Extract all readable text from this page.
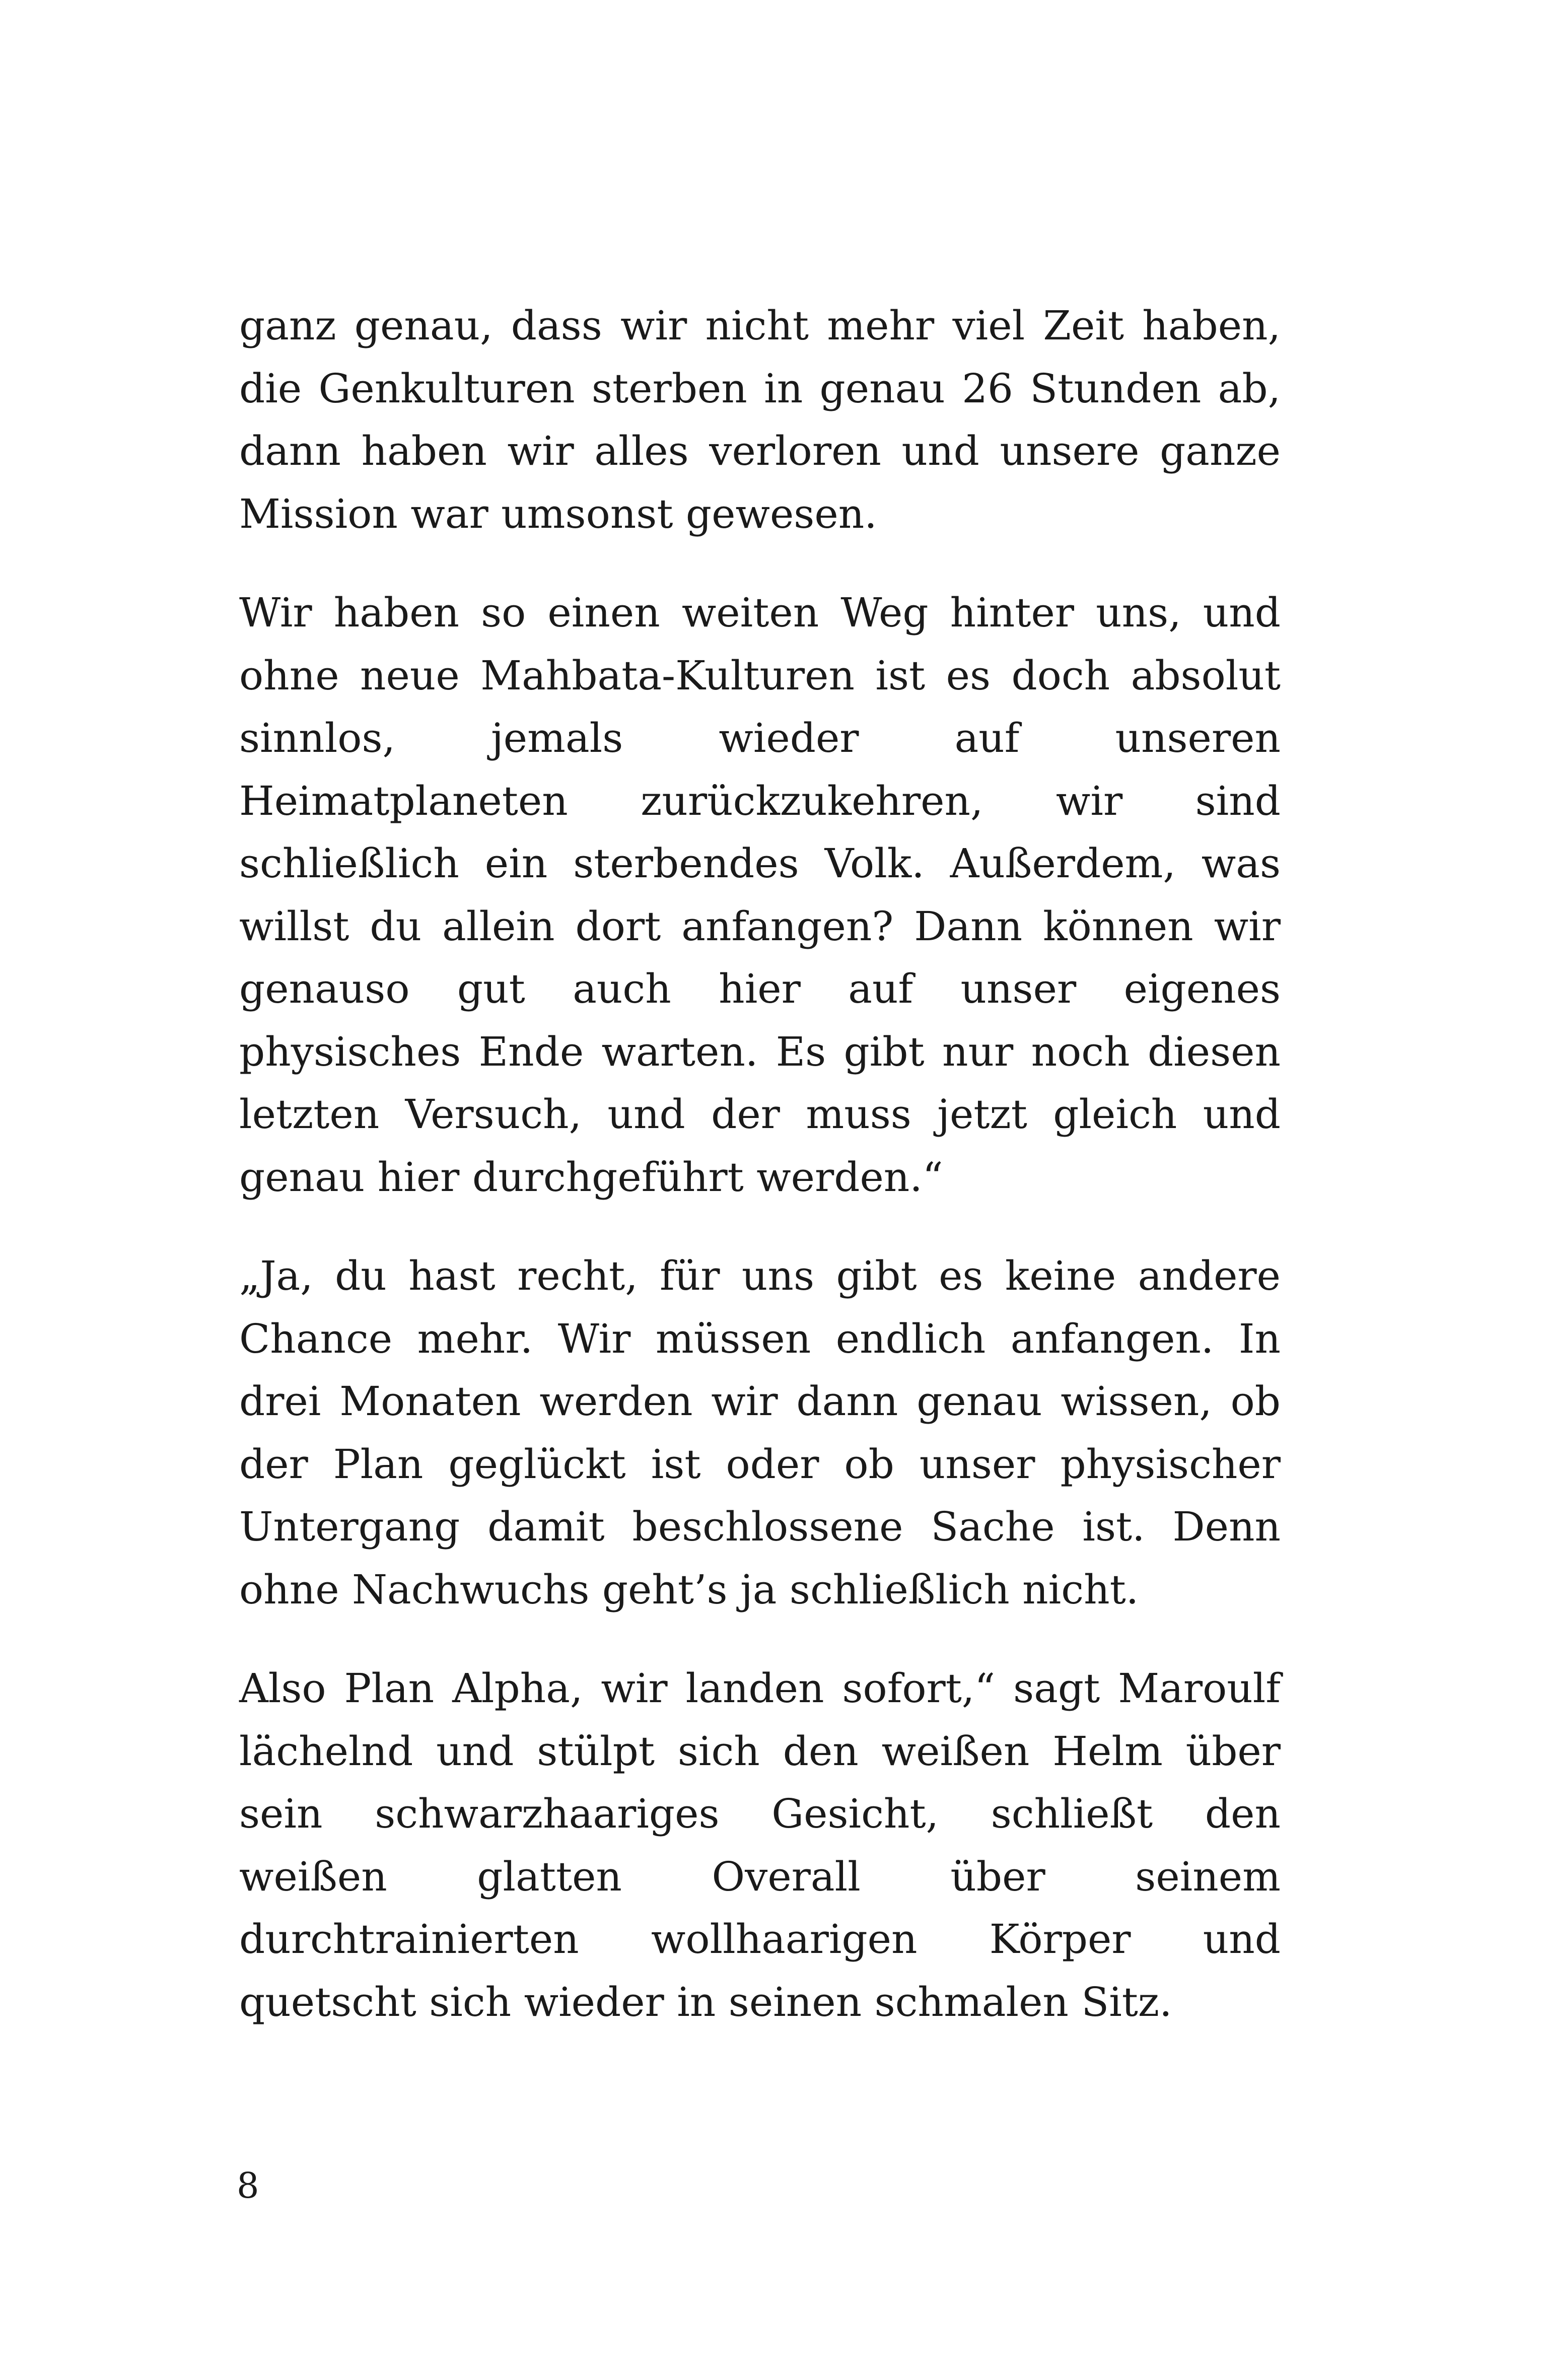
ganz genau, dass wir nicht mehr viel Zeit haben, die Genkulturen sterben in genau 26 Stunden ab, dann haben wir alles verloren und unsere ganze Mission war umsonst gewesen.

Wir haben so einen weiten Weg hinter uns, und ohne neue Mahbata-Kulturen ist es doch absolut sinnlos, jemals wieder auf unseren Heimatplaneten zurückzukehren, wir sind schließlich ein sterbendes Volk. Außerdem, was willst du allein dort anfangen? Dann können wir genauso gut auch hier auf unser eigenes physisches Ende warten. Es gibt nur noch diesen letzten Versuch, und der muss jetzt gleich und genau hier durchgeführt werden.“

„Ja, du hast recht, für uns gibt es keine andere Chance mehr. Wir müssen endlich anfangen. In drei Monaten werden wir dann genau wissen, ob der Plan geglückt ist oder ob unser physischer Untergang damit beschlossene Sache ist. Denn ohne Nachwuchs geht’s ja schließlich nicht.

Also Plan Alpha, wir landen sofort,“ sagt Maroulf lächelnd und stülpt sich den weißen Helm über sein schwarzhaariges Gesicht, schließt den weißen glatten Overall über seinem durchtrainierten wollhaarigen Körper und quetscht sich wieder in seinen schmalen Sitz.

8
